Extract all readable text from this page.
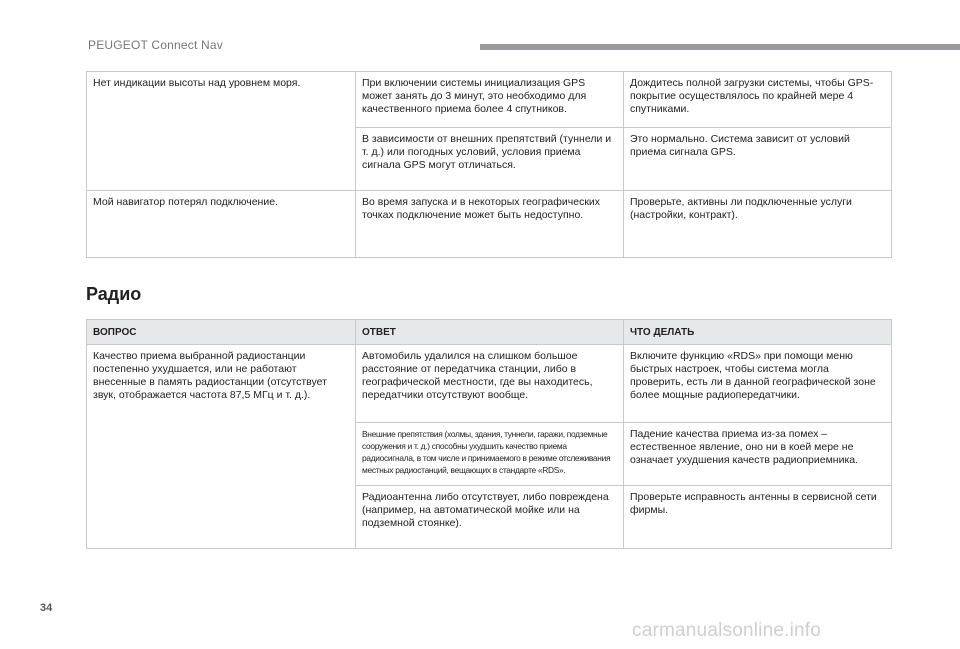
PEUGEOT Connect Nav
Нет индикации высоты над уровнем моря.	При включении системы инициализация GPS может занять до 3 минут, это необходимо для качественного приема более 4 спутников.	Дождитесь полной загрузки системы, чтобы GPS-покрытие осуществлялось по крайней мере 4 спутниками.
	В зависимости от внешних препятствий (туннели и т. д.) или погодных условий, условия приема сигнала GPS могут отличаться.	Это нормально. Система зависит от условий приема сигнала GPS.
Мой навигатор потерял подключение.	Во время запуска и в некоторых географических точках подключение может быть недоступно.	Проверьте, активны ли подключенные услуги (настройки, контракт).
Радио
ВОПРОС	ОТВЕТ	ЧТО ДЕЛАТЬ
Качество приема выбранной радиостанции постепенно ухудшается, или не работают внесенные в память радиостанции (отсутствует звук, отображается частота 87,5 МГц и т. д.).	Автомобиль удалился на слишком большое расстояние от передатчика станции, либо в географической местности, где вы находитесь, передатчики отсутствуют вообще.	Включите функцию «RDS» при помощи меню быстрых настроек, чтобы система могла проверить, есть ли в данной географической зоне более мощные радиопередатчики.
	Внешние препятствия (холмы, здания, туннели, гаражи, подземные сооружения и т. д.) способны ухудшить качество приема радиосигнала, в том числе и принимаемого в режиме отслеживания местных радиостанций, вещающих в стандарте «RDS».	Падение качества приема из-за помех – естественное явление, оно ни в коей мере не означает ухудшения качеств радиоприемника.
	Радиоантенна либо отсутствует, либо повреждена (например, на автоматической мойке или на подземной стоянке).	Проверьте исправность антенны в сервисной сети фирмы.
34
carmanualsonline.info
